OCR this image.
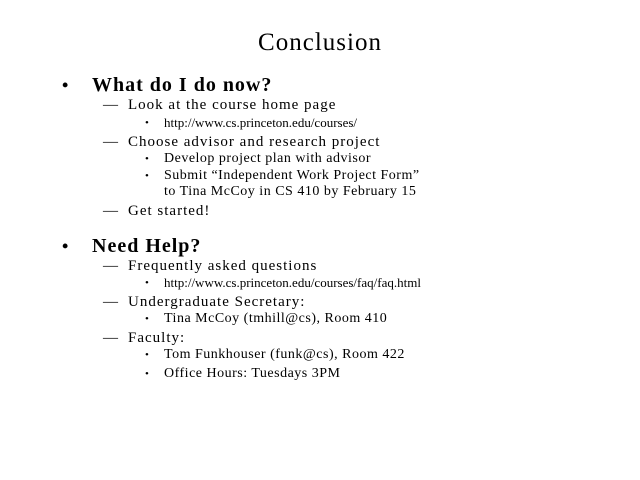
Conclusion
• What do I do now?
— Look at the course home page
• http://www.cs.princeton.edu/courses/
— Choose advisor and research project
• Develop project plan with advisor
• Submit “Independent Work Project Form”
to Tina McCoy in CS 410 by February 15
— Get started!
• Need Help?
— Frequently asked questions
• http://www.cs.princeton.edu/courses/faq/faq.html
— Undergraduate Secretary:
• Tina McCoy (tmhill@cs), Room 410
— Faculty:
• Tom Funkhouser (funk@cs), Room 422
• Office Hours: Tuesdays 3PM
